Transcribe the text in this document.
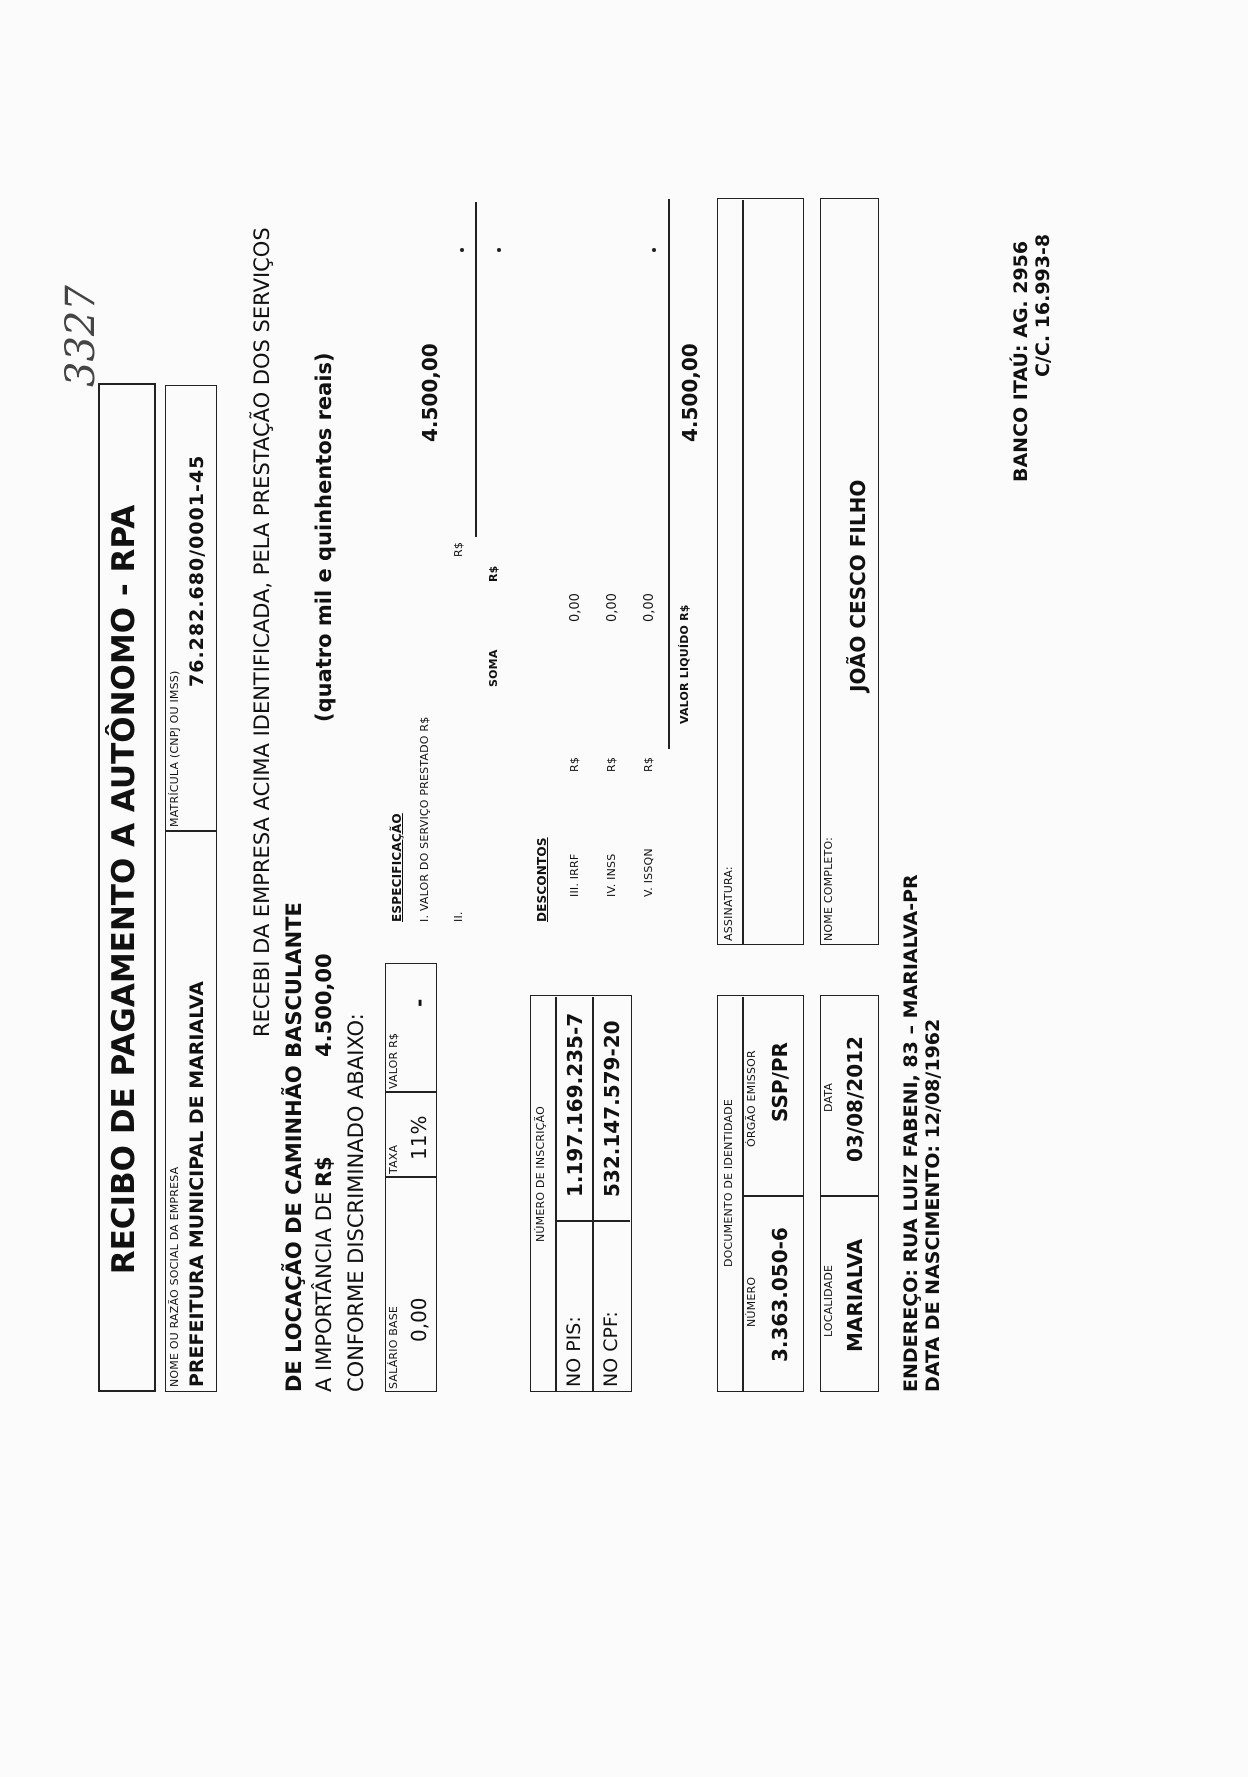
3327
RECIBO DE PAGAMENTO A AUTÔNOMO - RPA
NOME OU RAZÃO SOCIAL DA EMPRESA PREFEITURA MUNICIPAL DE MARIALVA
MATRÍCULA (CNPJ OU IMSS)
76.282.680/0001-45 RECEBI DA EMPRESA ACIMA IDENTIFICADA, PELA PRESTAÇÃO DOS SERVIÇOS
DE LOCAÇÃO DE CAMINHÃO BASCULANTE A IMPORTÂNCIA DE
R$
4.500,00
(quatro mil e quinhentos reais)
CONFORME DISCRIMINADO ABAIXO: SALÁRIO BASE 0,00
TAXA 11%
VALOR R$
-
ESPECIFICAÇÃO I. VALOR DO SERVIÇO PRESTADO R$
4.500,00
II.
R$
SOMA
R$
NÚMERO DE INSCRIÇÃO
NO PIS:
1.197.169.235-7
NO CPF:
532.147.579-20
DESCONTOS III. IRRF
R$
0,00
IV. INSS
R$
0,00
V. ISSQN
R$
0,00 VALOR LIQUÍDO R$
4.500,00
DOCUMENTO DE IDENTIDADE
NÚMERO 3.363.050-6
ÓRGÃO EMISSOR SSP/PR
ASSINATURA:
LOCALIDADE MARIALVA
DATA 03/08/2012
NOME COMPLETO:
JOÃO CESCO FILHO
ENDEREÇO: RUA LUIZ FABENI, 83 – MARIALVA-PR DATA DE NASCIMENTO: 12/08/1962
BANCO ITAÚ: AG. 2956 C/C. 16.993-8
